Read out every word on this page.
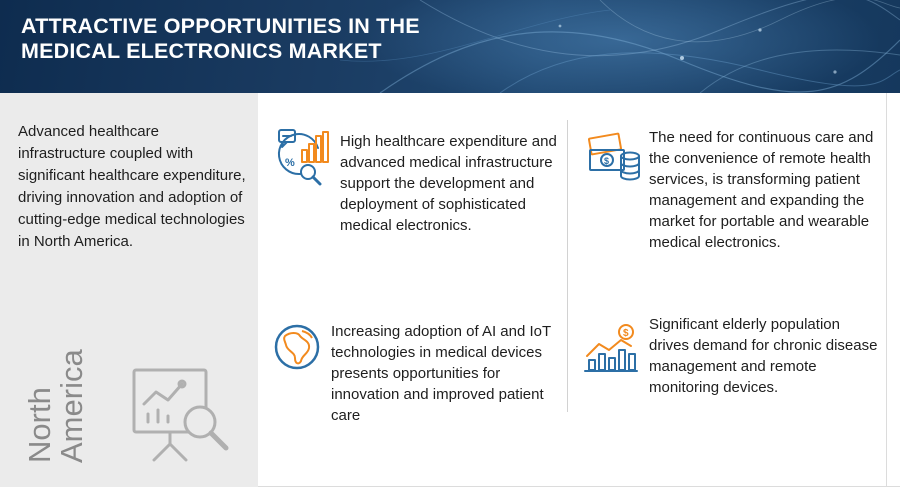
ATTRACTIVE OPPORTUNITIES IN THE
MEDICAL ELECTRONICS MARKET

Advanced healthcare infrastructure coupled with significant healthcare expenditure, driving innovation and adoption of cutting-edge medical technologies in North America.

North
America
%

High healthcare expenditure and advanced medical infrastructure support the development and deployment of sophisticated medical electronics.

$

The need for continuous care and the convenience of remote health services, is transforming patient management and expanding the market for portable and wearable medical electronics.

Increasing adoption of AI and IoT technologies in medical devices presents opportunities for innovation and improved patient care

$

Significant elderly population drives demand for chronic disease management and remote monitoring devices.
